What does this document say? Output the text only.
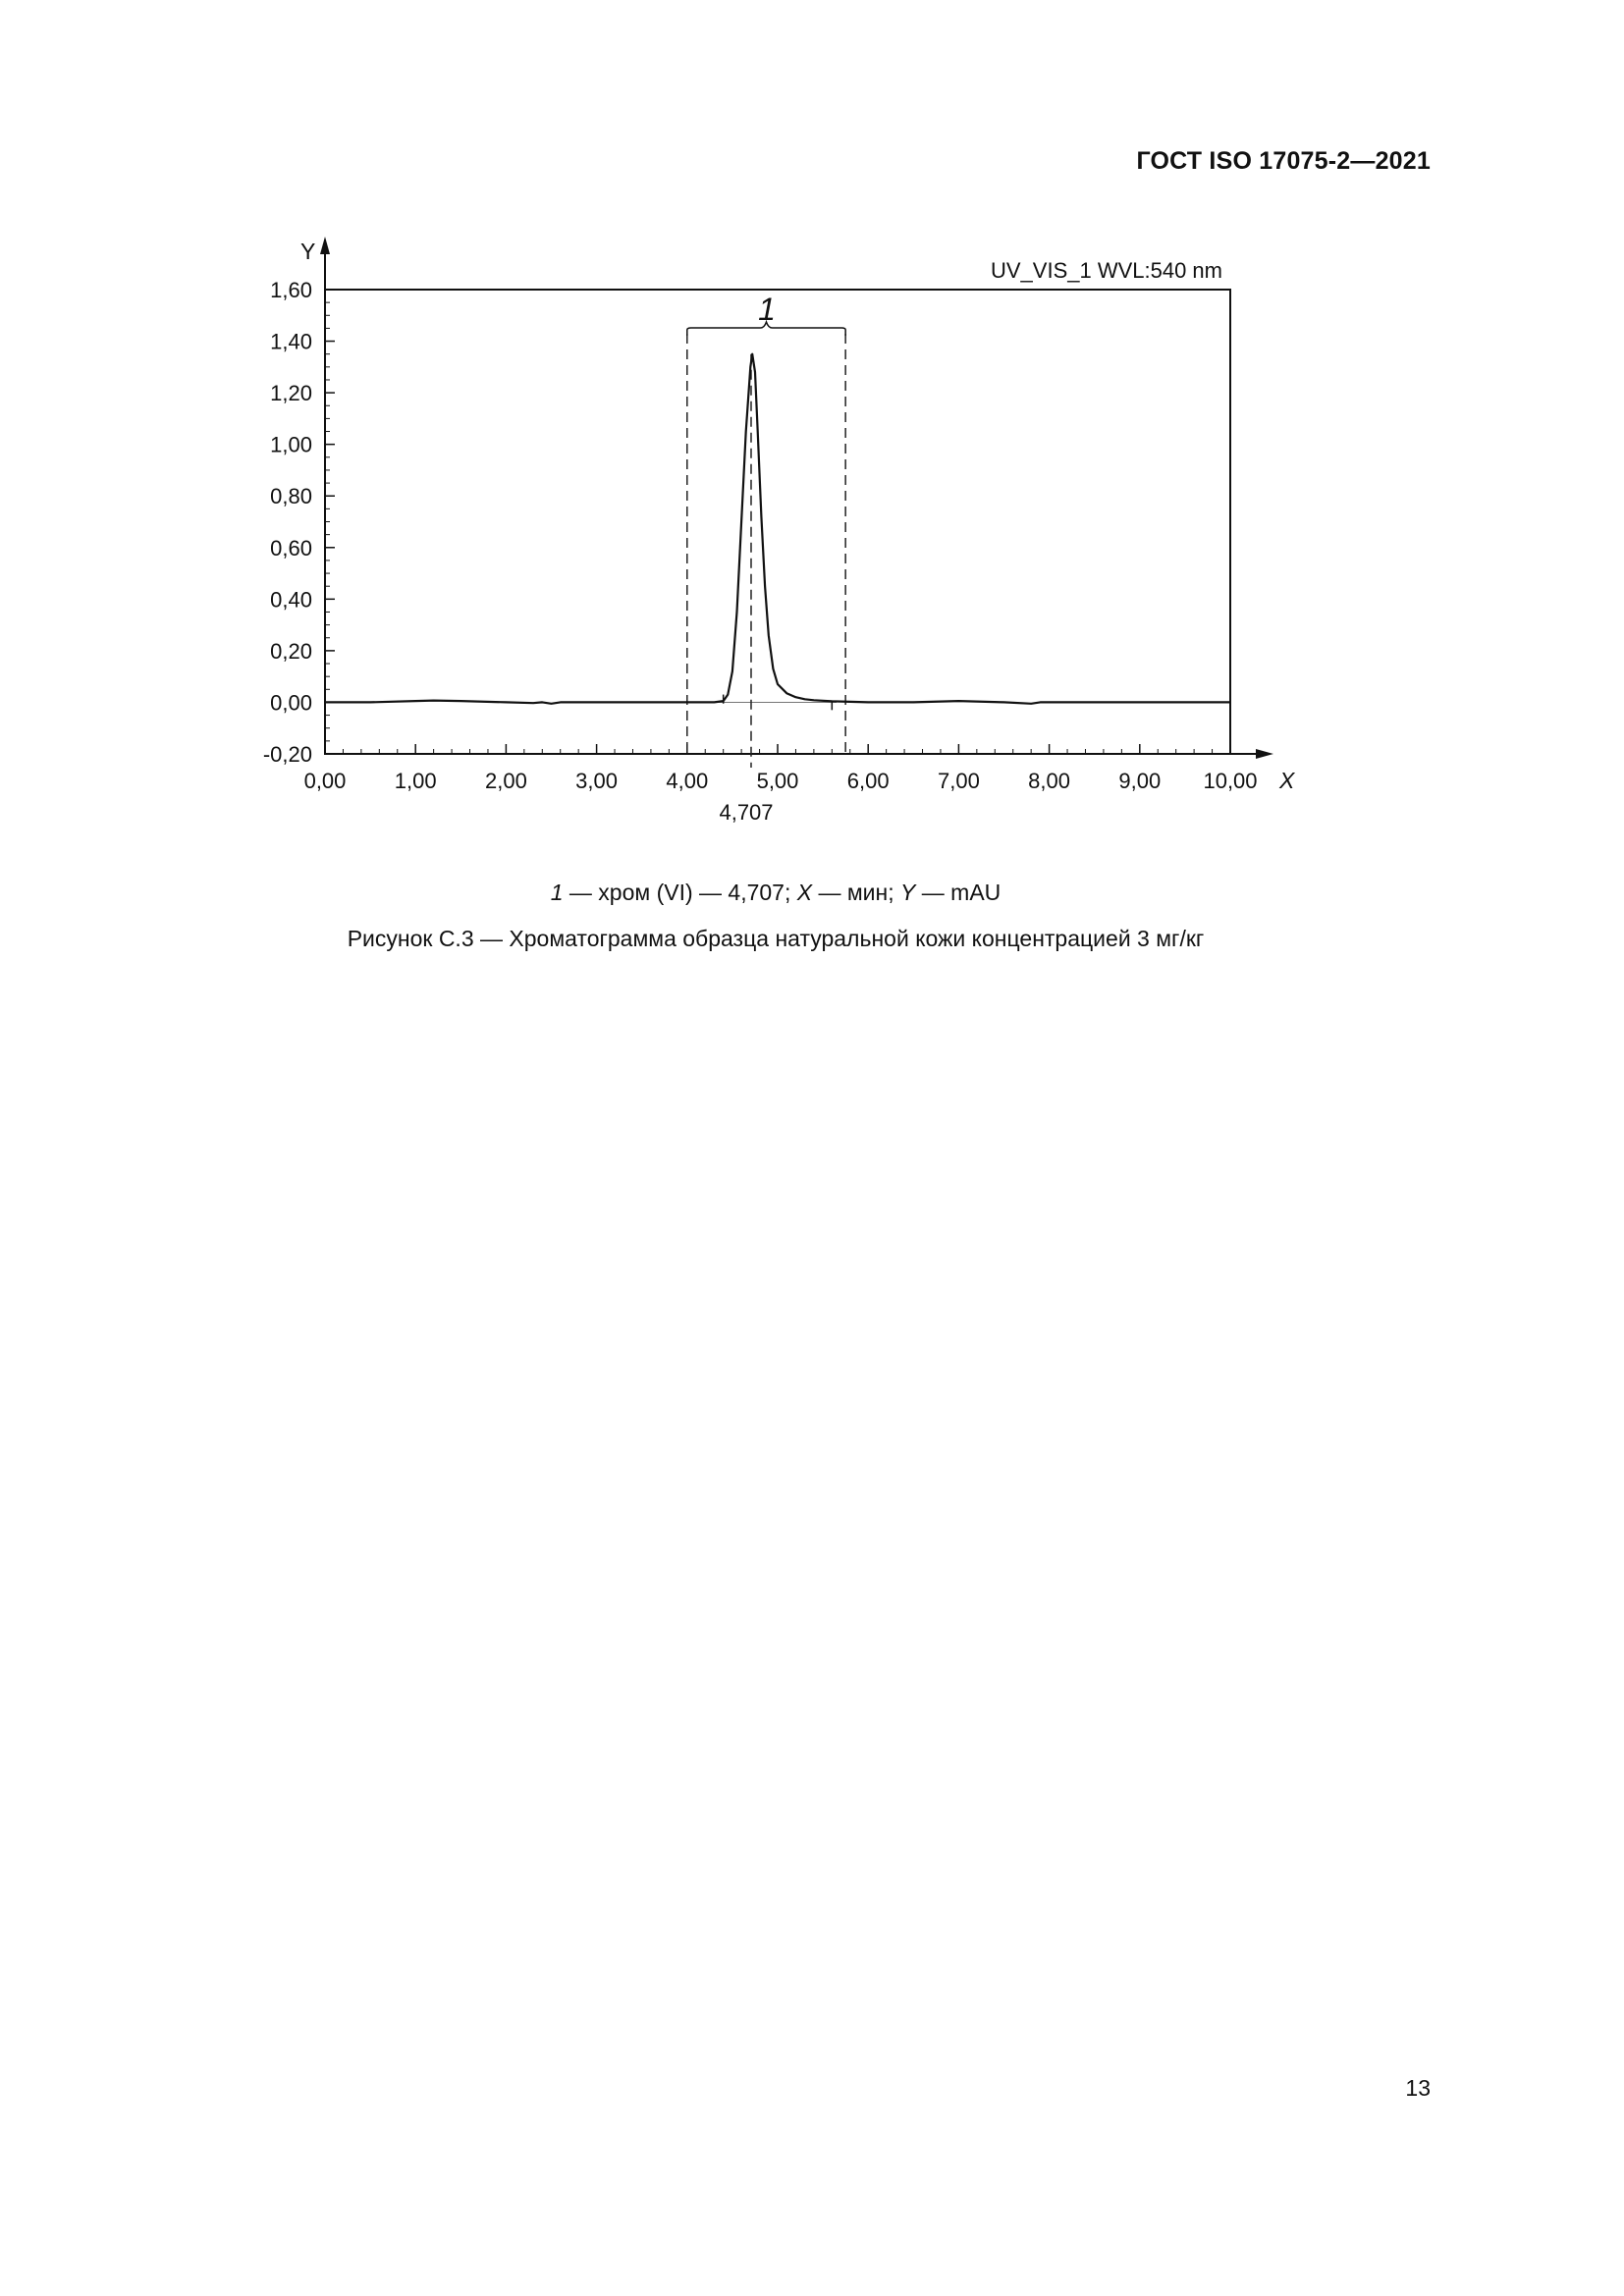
ГОСТ ISO 17075-2—2021
0,00 1,00 2,00 3,00 4,00 5,00 6,00 7,00 8,00 9,00 10,00
-0,20
0,00
0,20
0,40
0,60
0,80
1,00
1,20
1,40
1,60
Y
X
UV_VIS_1 WVL:540 nm
1
4,707
1 — хром (VI) — 4,707; X — мин; Y — mAU
Рисунок С.3 — Хроматограмма образца натуральной кожи концентрацией 3 мг/кг
13
